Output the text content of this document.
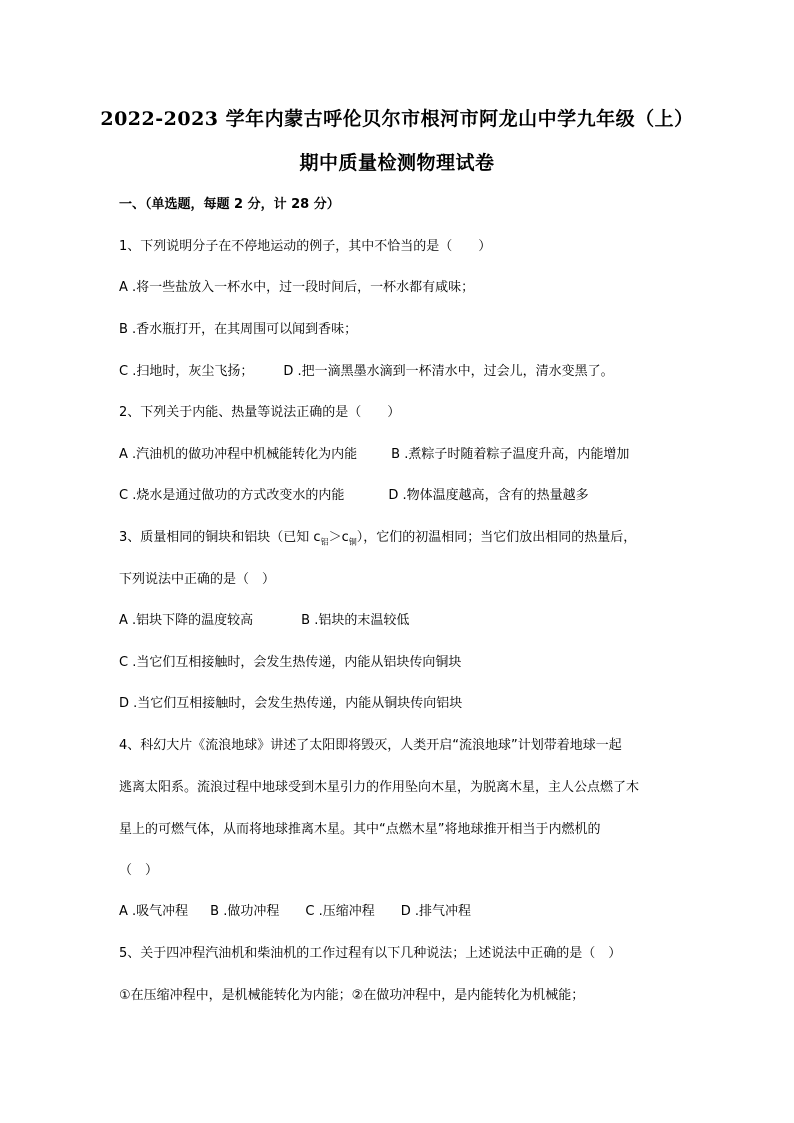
2022-2023 学年内蒙古呼伦贝尔市根河市阿龙山中学九年级（上）
期中质量检测物理试卷
一、（单选题，每题 2 分，计 28 分）
1、下列说明分子在不停地运动的例子，其中不恰当的是（　　）
A .将一些盐放入一杯水中，过一段时间后，一杯水都有咸味；
B .香水瓶打开，在其周围可以闻到香味；
C .扫地时，灰尘飞扬； D .把一滴黑墨水滴到一杯清水中，过会儿，清水变黑了。
2、下列关于内能、热量等说法正确的是（　　）
A .汽油机的做功冲程中机械能转化为内能	B .煮粽子时随着粽子温度升高，内能增加
C .烧水是通过做功的方式改变水的内能	D .物体温度越高，含有的热量越多
3、质量相同的铜块和铝块（已知 $c_铝>c_铜$），它们的初温相同；当它们放出相同的热量后，
下列说法中正确的是（　）
A .铝块下降的温度较高	B .铝块的末温较低
C .当它们互相接触时，会发生热传递，内能从铝块传向铜块
D .当它们互相接触时，会发生热传递，内能从铜块传向铝块
4、科幻大片《流浪地球》讲述了太阳即将毁灭，人类开启“流浪地球”计划带着地球一起
逃离太阳系。流浪过程中地球受到木星引力的作用坠向木星，为脱离木星，主人公点燃了木
星上的可燃气体，从而将地球推离木星。其中“点燃木星”将地球推开相当于内燃机的
（　）
A .吸气冲程 B .做功冲程 C .压缩冲程 D .排气冲程
5、关于四冲程汽油机和柴油机的工作过程有以下几种说法；上述说法中正确的是（　）
①在压缩冲程中，是机械能转化为内能；②在做功冲程中，是内能转化为机械能；
